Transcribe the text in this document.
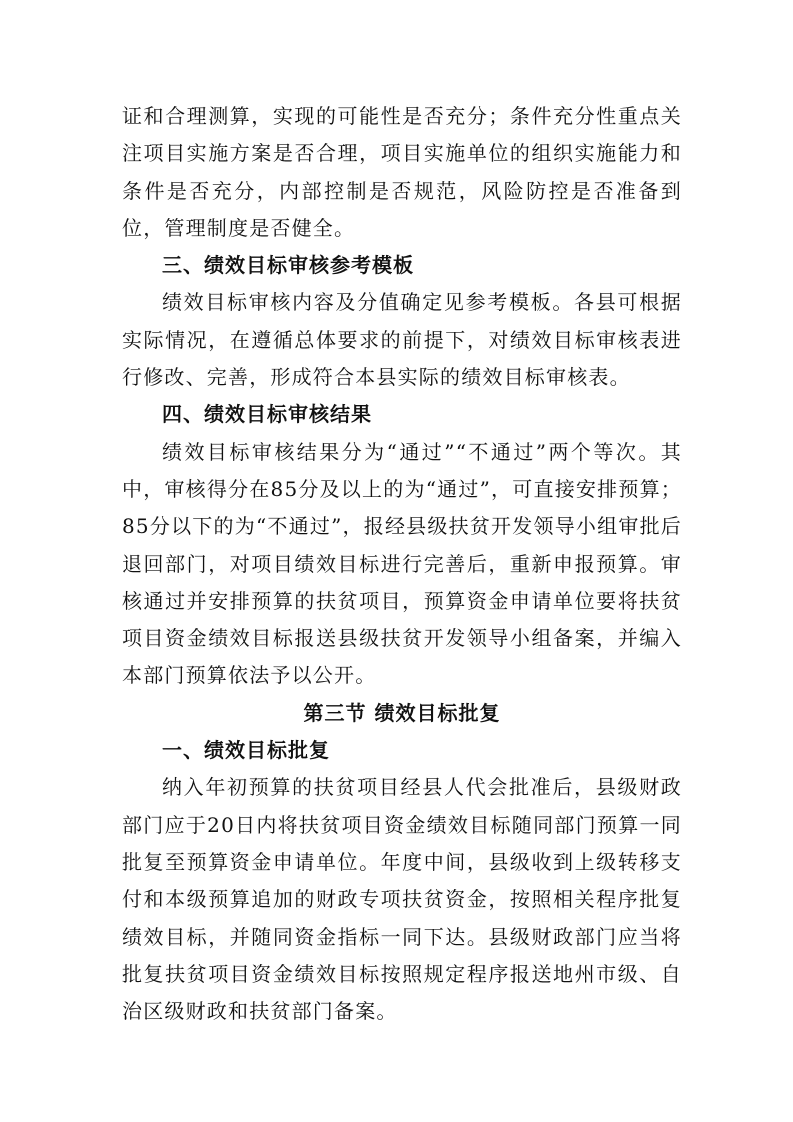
证和合理测算，实现的可能性是否充分；条件充分性重点关注项目实施方案是否合理，项目实施单位的组织实施能力和条件是否充分，内部控制是否规范，风险防控是否准备到位，管理制度是否健全。

三、绩效目标审核参考模板

绩效目标审核内容及分值确定见参考模板。各县可根据实际情况，在遵循总体要求的前提下，对绩效目标审核表进行修改、完善，形成符合本县实际的绩效目标审核表。

四、绩效目标审核结果

绩效目标审核结果分为“通过”“不通过”两个等次。其中，审核得分在85分及以上的为“通过”，可直接安排预算；85分以下的为“不通过”，报经县级扶贫开发领导小组审批后退回部门，对项目绩效目标进行完善后，重新申报预算。审核通过并安排预算的扶贫项目，预算资金申请单位要将扶贫项目资金绩效目标报送县级扶贫开发领导小组备案，并编入本部门预算依法予以公开。

第三节 绩效目标批复

一、绩效目标批复

纳入年初预算的扶贫项目经县人代会批准后，县级财政部门应于20日内将扶贫项目资金绩效目标随同部门预算一同批复至预算资金申请单位。年度中间，县级收到上级转移支付和本级预算追加的财政专项扶贫资金，按照相关程序批复绩效目标，并随同资金指标一同下达。县级财政部门应当将批复扶贫项目资金绩效目标按照规定程序报送地州市级、自治区级财政和扶贫部门备案。
